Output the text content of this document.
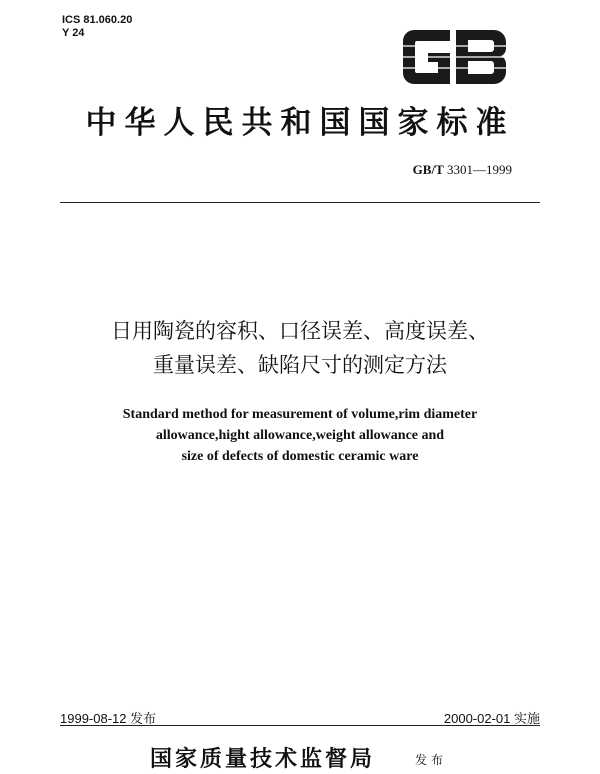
ICS 81.060.20
Y 24
中华人民共和国国家标准
GB/T 3301—1999
日用陶瓷的容积、口径误差、高度误差、
重量误差、缺陷尺寸的测定方法
Standard method for measurement of volume,rim diameter
allowance,hight allowance,weight allowance and
size of defects of domestic ceramic ware
1999-08-12 发布	2000-02-01 实施
国家质量技术监督局	发布
